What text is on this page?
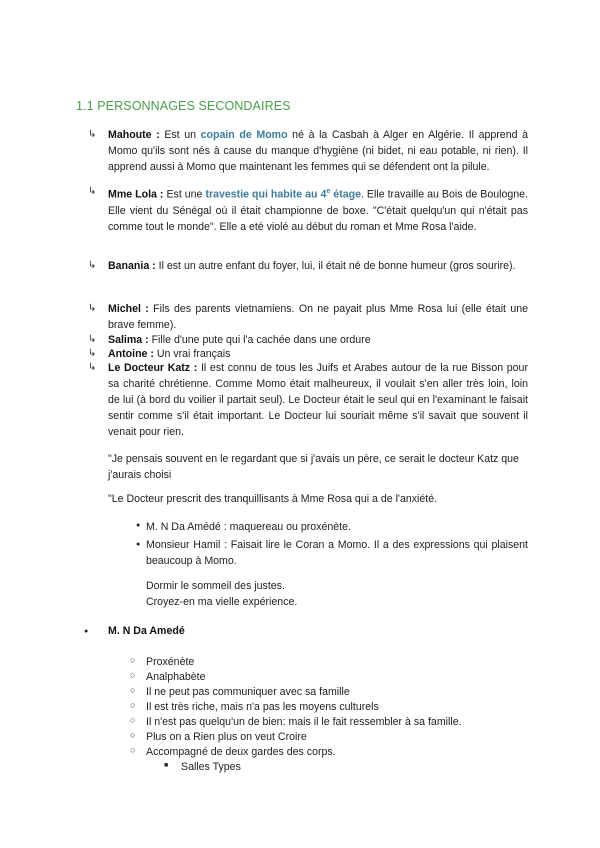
1.1 PERSONNAGES SECONDAIRES
↳ Mahoute : Est un copain de Momo né à la Casbah à Alger en Algérie. Il apprend à Momo qu'ils sont nés à cause du manque d'hygiène (ni bidet, ni eau potable, ni rien). Il apprend aussi à Momo que maintenant les femmes qui se défendent ont la pilule.
↳ Mme Lola : Est une travestie qui habite au 4e étage. Elle travaille au Bois de Boulogne. Elle vient du Sénégal où il était championne de boxe. "C'était quelqu'un qui n'était pas comme tout le monde". Elle a eté violé au début du roman et Mme Rosa l'aide.
↳ Banania : Il est un autre enfant du foyer, lui, il était né de bonne humeur (gros sourire).
↳ Michel : Fils des parents vietnamiens. On ne payait plus Mme Rosa lui (elle était une brave femme).
↳ Salima : Fille d'une pute qui l'a cachée dans une ordure
↳ Antoine : Un vrai français
↳ Le Docteur Katz : Il est connu de tous les Juifs et Arabes autour de la rue Bisson pour sa charité chrétienne. Comme Momo était malheureux, il voulait s'en aller très loin, loin de lui (à bord du voilier il partait seul). Le Docteur était le seul qui en l'examinant le faisait sentir comme s'il était important. Le Docteur lui souriait même s'il savait que souvent il venait pour rien.
"Je pensais souvent en le regardant que si j'avais un père, ce serait le docteur Katz que j'aurais choisi
"Le Docteur prescrit des tranquillisants à Mme Rosa qui a de l'anxiété.
● M. N Da Amédé : maquereau ou proxénète.
● Monsieur Hamil : Faisait lire le Coran a Momo. Il a des expressions qui plaisent beaucoup à Momo.
Dormir le sommeil des justes.
Croyez-en ma vielle expérience.
● M. N Da Amedé
○ Proxénète
○ Analphabète
○ Il ne peut pas communiquer avec sa famille
○ Il est très riche, mais n'a pas les moyens culturels
○ Il n'est pas quelqu'un de bien: mais il le fait ressembler à sa famille.
○ Plus on a Rien plus on veut Croire
○ Accompagné de deux gardes des corps.
■ Salles Types
